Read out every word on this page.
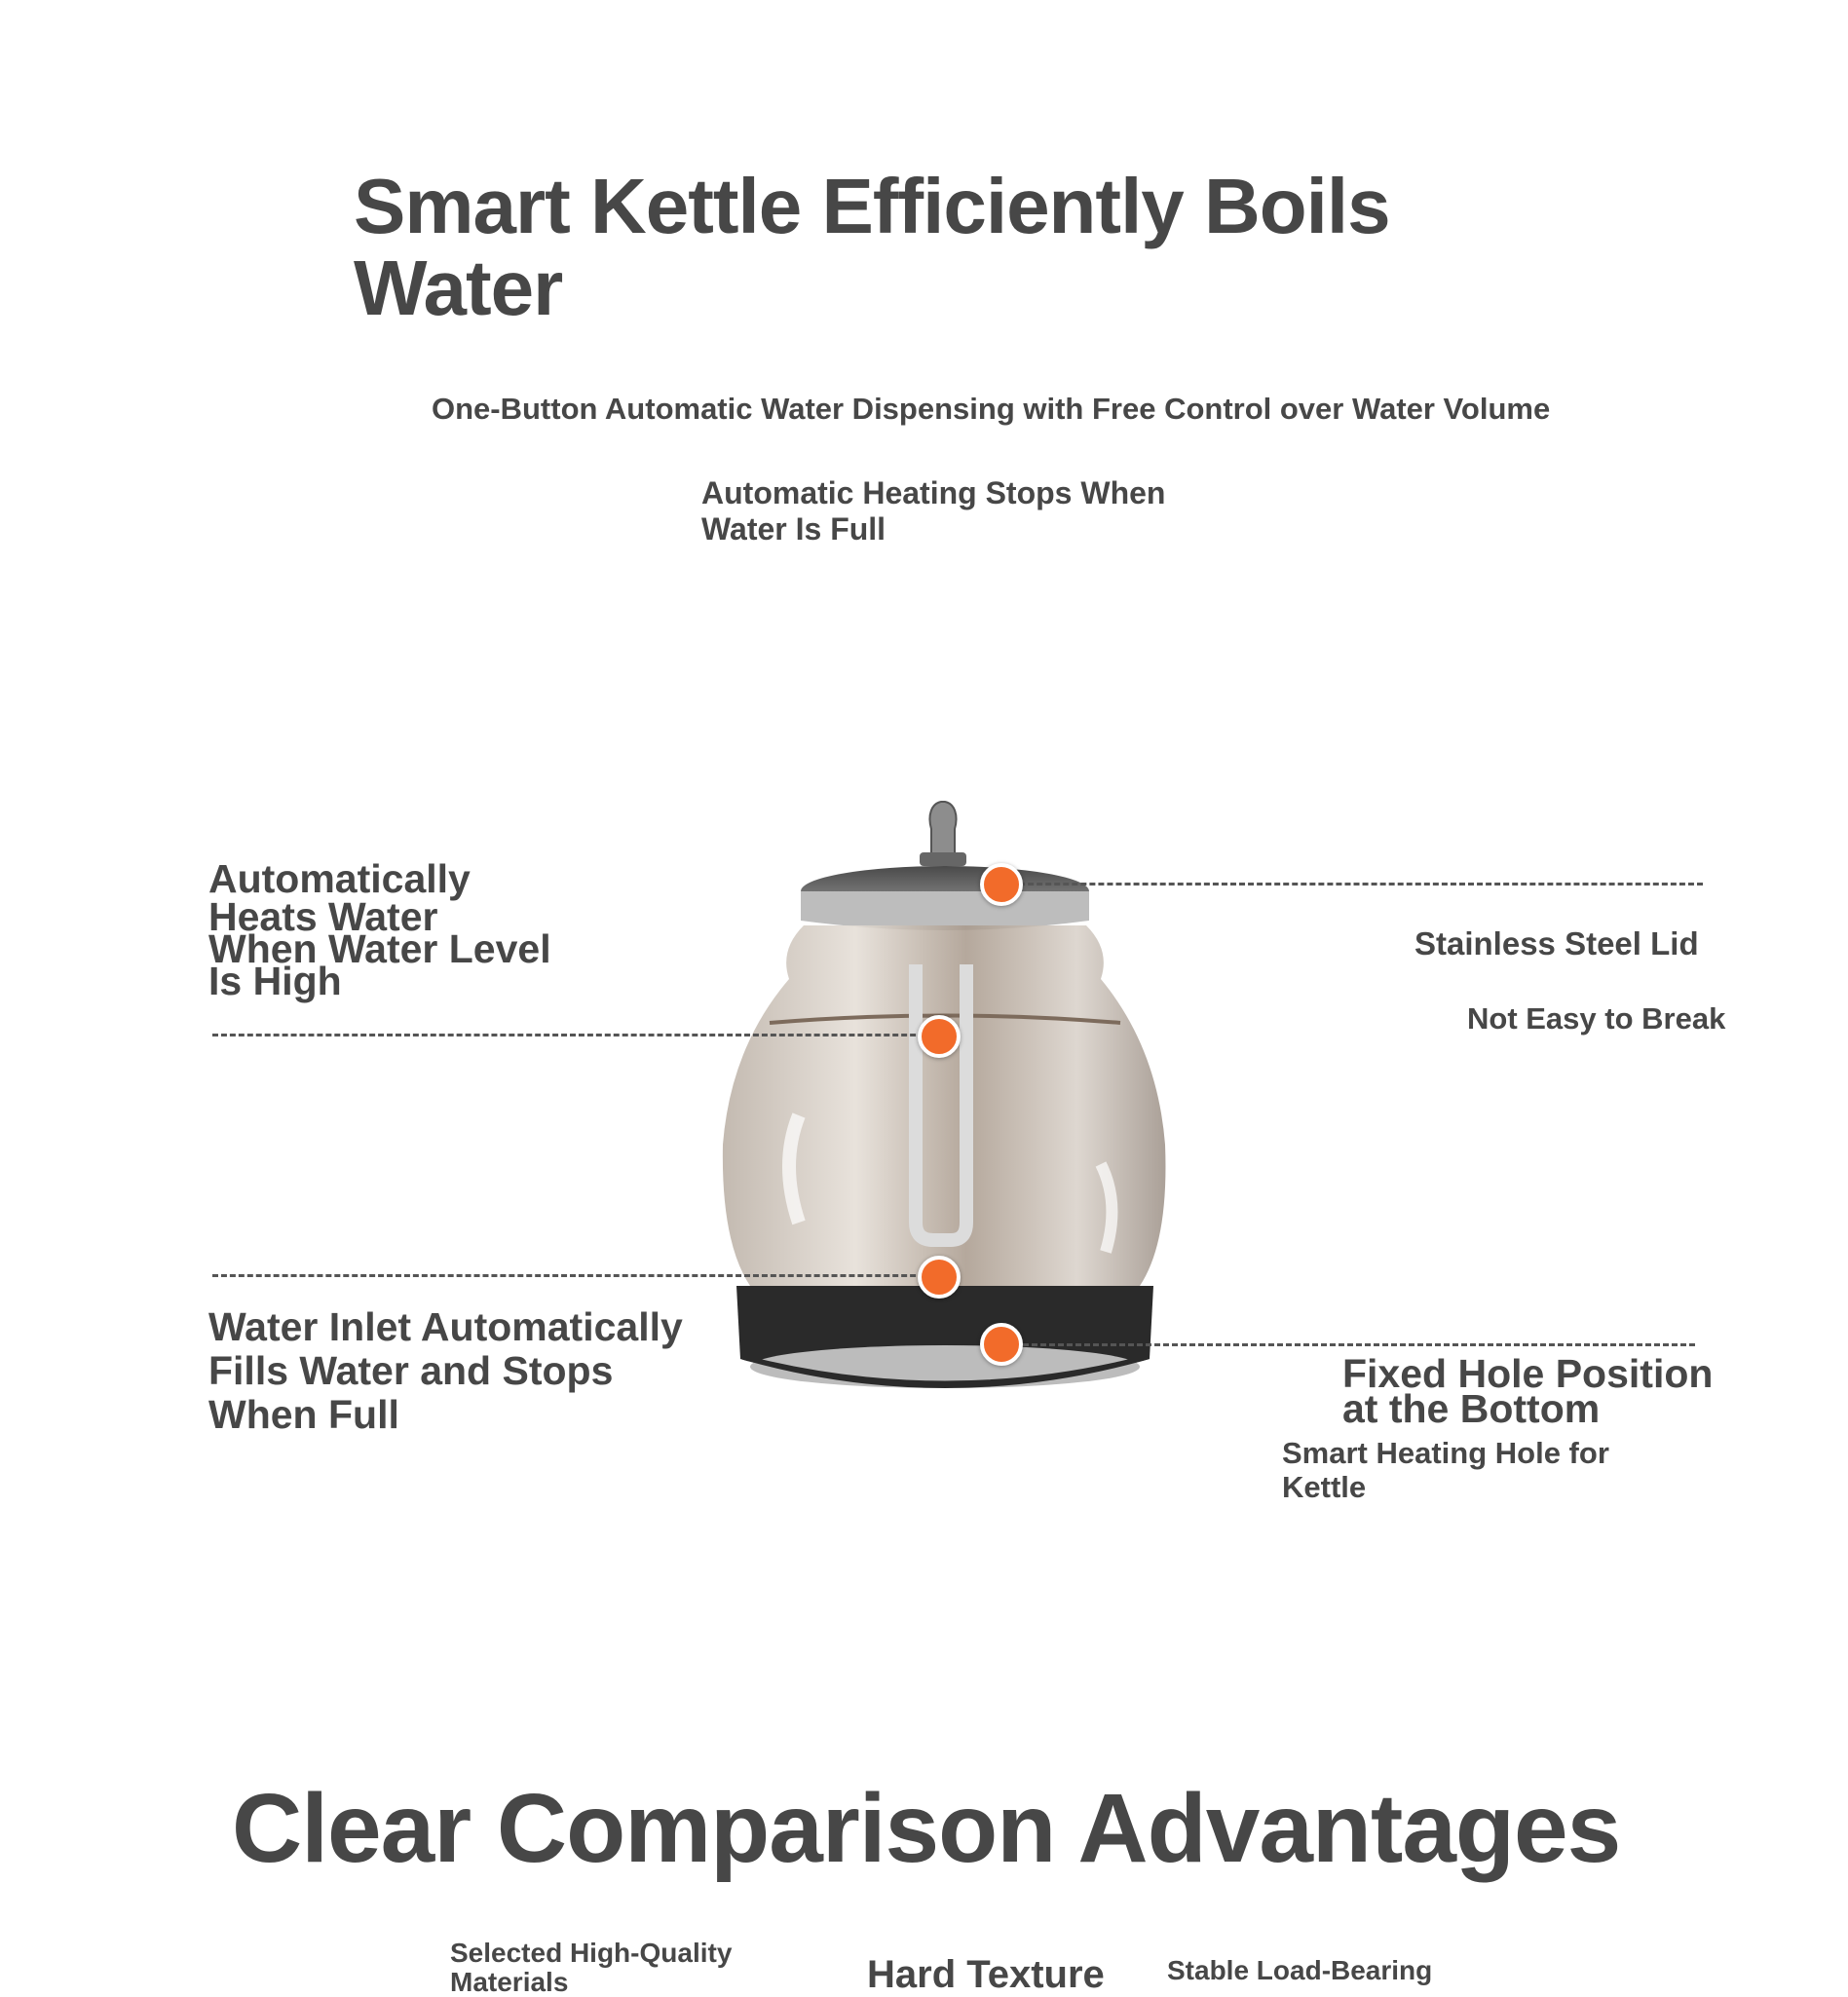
Smart Kettle Efficiently Boils
Water
One-Button Automatic Water Dispensing with Free Control over Water Volume
Automatic Heating Stops When
Water Is Full
Automatically
Heats Water
When Water Level
Is High
Stainless Steel Lid
Not Easy to Break
Water Inlet Automatically
Fills Water and Stops
When Full
Fixed Hole Position
at the Bottom
Smart Heating Hole for
Kettle
Clear Comparison Advantages
Selected High-Quality
Materials	Hard Texture Stable Load-Bearing
